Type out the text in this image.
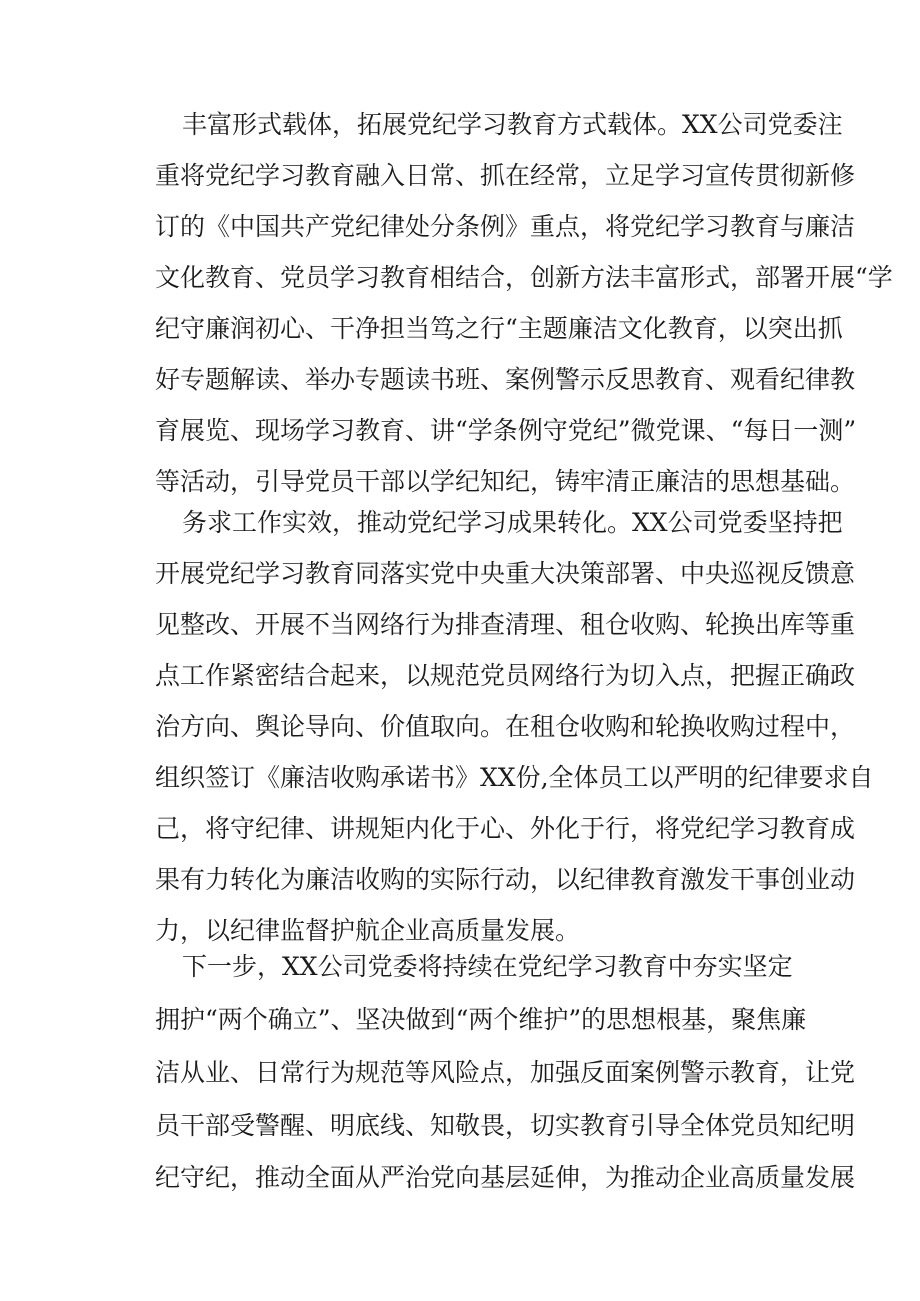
丰富形式载体，拓展党纪学习教育方式载体。XX公司党委注

重将党纪学习教育融入日常、抓在经常，立足学习宣传贯彻新修

订的《中国共产党纪律处分条例》重点，将党纪学习教育与廉洁

文化教育、党员学习教育相结合，创新方法丰富形式，部署开展“学

纪守廉润初心、干净担当笃之行“主题廉洁文化教育，以突出抓

好专题解读、举办专题读书班、案例警示反思教育、观看纪律教

育展览、现场学习教育、讲“学条例守党纪”微党课、“每日一测”

等活动，引导党员干部以学纪知纪，铸牢清正廉洁的思想基础。

务求工作实效，推动党纪学习成果转化。XX公司党委坚持把

开展党纪学习教育同落实党中央重大决策部署、中央巡视反馈意

见整改、开展不当网络行为排查清理、租仓收购、轮换出库等重

点工作紧密结合起来，以规范党员网络行为切入点，把握正确政

治方向、舆论导向、价值取向。在租仓收购和轮换收购过程中，

组织签订《廉洁收购承诺书》XX份,全体员工以严明的纪律要求自

己，将守纪律、讲规矩内化于心、外化于行，将党纪学习教育成

果有力转化为廉洁收购的实际行动，以纪律教育激发干事创业动

力，以纪律监督护航企业高质量发展。

下一步，XX公司党委将持续在党纪学习教育中夯实坚定

拥护“两个确立”、坚决做到“两个维护”的思想根基，聚焦廉

洁从业、日常行为规范等风险点，加强反面案例警示教育，让党

员干部受警醒、明底线、知敬畏，切实教育引导全体党员知纪明

纪守纪，推动全面从严治党向基层延伸，为推动企业高质量发展
